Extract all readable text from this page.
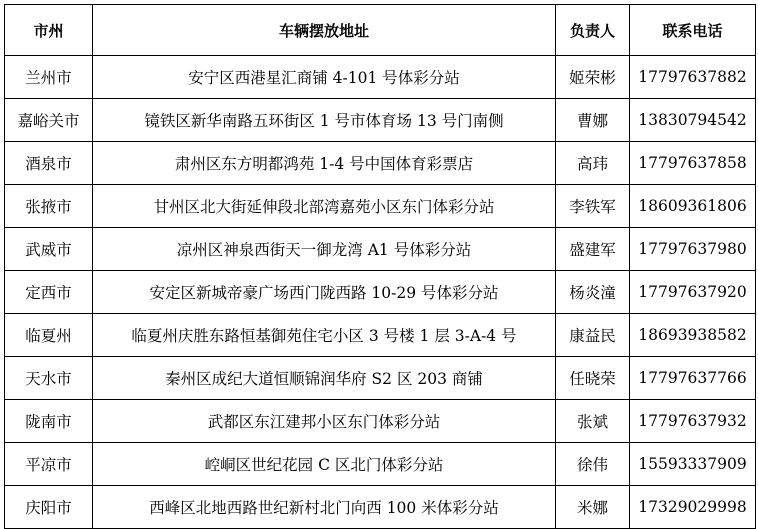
市州	车辆摆放地址	负责人	联系电话
兰州市	安宁区西港星汇商铺 4-101 号体彩分站	姬荣彬	17797637882
嘉峪关市	镜铁区新华南路五环街区 1 号市体育场 13 号门南侧	曹娜	13830794542
酒泉市	肃州区东方明都鸿苑 1-4 号中国体育彩票店	高玮	17797637858
张掖市	甘州区北大街延伸段北部湾嘉苑小区东门体彩分站	李铁军	18609361806
武威市	凉州区神泉西街天一御龙湾 A1 号体彩分站	盛建军	17797637980
定西市	安定区新城帝豪广场西门陇西路 10-29 号体彩分站	杨炎潼	17797637920
临夏州	临夏州庆胜东路恒基御苑住宅小区 3 号楼 1 层 3-A-4 号	康益民	18693938582
天水市	秦州区成纪大道恒顺锦润华府 S2 区 203 商铺	任晓荣	17797637766
陇南市	武都区东江建邦小区东门体彩分站	张斌	17797637932
平凉市	崆峒区世纪花园 C 区北门体彩分站	徐伟	15593337909
庆阳市	西峰区北地西路世纪新村北门向西 100 米体彩分站	米娜	17329029998
